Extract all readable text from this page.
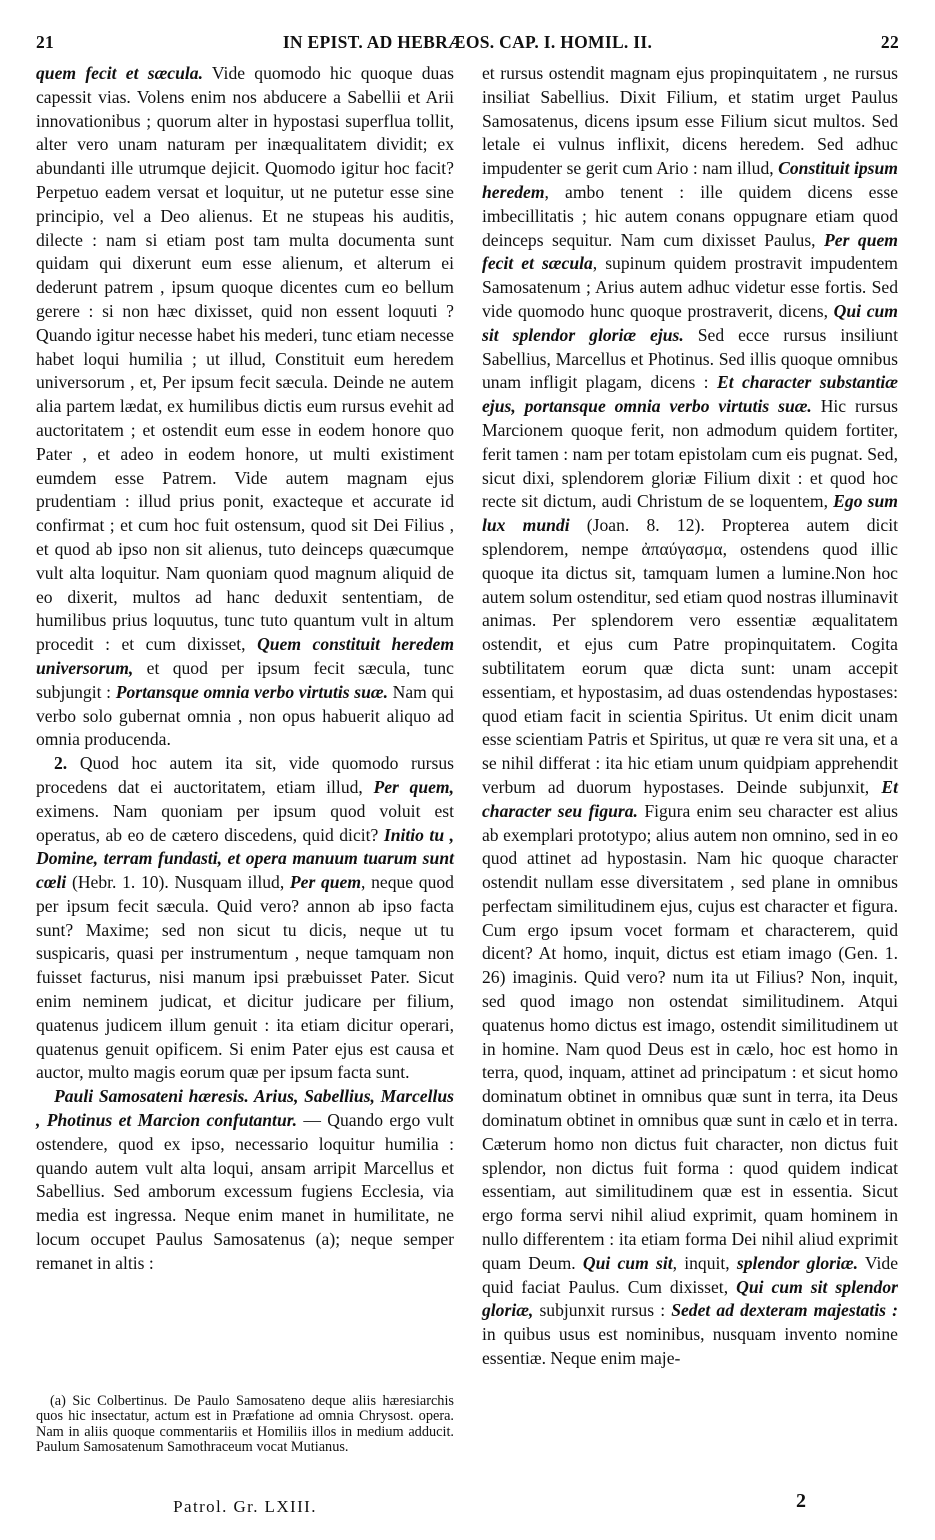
21	IN EPIST. AD HEBRÆOS. CAP. I. HOMIL. II.	22

quem fecit et sæcula. Vide quomodo hic quoque duas capessit vias. Volens enim nos abducere a Sabellii et Arii innovationibus ; quorum alter in hypostasi superflua tollit, alter vero unam naturam per inæqualitatem dividit; ex abundanti ille utrumque dejicit. Quomodo igitur hoc facit? Perpetuo eadem versat et loquitur, ut ne putetur esse sine principio, vel a Deo alienus. Et ne stupeas his auditis, dilecte : nam si etiam post tam multa documenta sunt quidam qui dixerunt eum esse alienum, et alterum ei dederunt patrem , ipsum quoque dicentes cum eo bellum gerere : si non hæc dixisset, quid non essent loquuti ? Quando igitur necesse habet his mederi, tunc etiam necesse habet loqui humilia ; ut illud, Constituit eum heredem universorum , et, Per ipsum fecit sæcula. Deinde ne autem alia partem lædat, ex humilibus dictis eum rursus evehit ad auctoritatem ; et ostendit eum esse in eodem honore quo Pater , et adeo in eodem honore, ut multi existiment eumdem esse Patrem. Vide autem magnam ejus prudentiam : illud prius ponit, exacteque et accurate id confirmat ; et cum hoc fuit ostensum, quod sit Dei Filius , et quod ab ipso non sit alienus, tuto deinceps quæcumque vult alta loquitur. Nam quoniam quod magnum aliquid de eo dixerit, multos ad hanc deduxit sententiam, de humilibus prius loquutus, tunc tuto quantum vult in altum procedit : et cum dixisset, Quem constituit heredem universorum, et quod per ipsum fecit sæcula, tunc subjungit : Portansque omnia verbo virtutis suæ. Nam qui verbo solo gubernat omnia , non opus habuerit aliquo ad omnia producenda.

2. Quod hoc autem ita sit, vide quomodo rursus procedens dat ei auctoritatem, etiam illud, Per quem, eximens. Nam quoniam per ipsum quod voluit est operatus, ab eo de cætero discedens, quid dicit? Initio tu , Domine, terram fundasti, et opera manuum tuarum sunt cœli (Hebr. 1. 10). Nusquam illud, Per quem, neque quod per ipsum fecit sæcula. Quid vero? annon ab ipso facta sunt? Maxime; sed non sicut tu dicis, neque ut tu suspicaris, quasi per instrumentum , neque tamquam non fuisset facturus, nisi manum ipsi præbuisset Pater. Sicut enim neminem judicat, et dicitur judicare per filium, quatenus judicem illum genuit : ita etiam dicitur operari, quatenus genuit opificem. Si enim Pater ejus est causa et auctor, multo magis eorum quæ per ipsum facta sunt.

Pauli Samosateni hæresis. Arius, Sabellius, Marcellus , Photinus et Marcion confutantur. — Quando ergo vult ostendere, quod ex ipso, necessario loquitur humilia : quando autem vult alta loqui, ansam arripit Marcellus et Sabellius. Sed amborum excessum fugiens Ecclesia, via media est ingressa. Neque enim manet in humilitate, ne locum occupet Paulus Samosatenus (a); neque semper remanet in altis :

(a) Sic Colbertinus. De Paulo Samosateno deque aliis hæresiarchis quos hic insectatur, actum est in Præfatione ad omnia Chrysost. opera. Nam in aliis quoque commentariis et Homiliis illos in medium adducit. Paulum Samosatenum Samothraceum vocat Mutianus.

Patrol. Gr. LXIII.

et rursus ostendit magnam ejus propinquitatem , ne rursus insiliat Sabellius. Dixit Filium, et statim urget Paulus Samosatenus, dicens ipsum esse Filium sicut multos. Sed letale ei vulnus inflixit, dicens heredem. Sed adhuc impudenter se gerit cum Ario : nam illud, Constituit ipsum heredem, ambo tenent : ille quidem dicens esse imbecillitatis ; hic autem conans oppugnare etiam quod deinceps sequitur. Nam cum dixisset Paulus, Per quem fecit et sæcula, supinum quidem prostravit impudentem Samosatenum ; Arius autem adhuc videtur esse fortis. Sed vide quomodo hunc quoque prostraverit, dicens, Qui cum sit splendor gloriæ ejus. Sed ecce rursus insiliunt Sabellius, Marcellus et Photinus. Sed illis quoque omnibus unam infligit plagam, dicens : Et character substantiæ ejus, portansque omnia verbo virtutis suæ. Hic rursus Marcionem quoque ferit, non admodum quidem fortiter, ferit tamen : nam per totam epistolam cum eis pugnat. Sed, sicut dixi, splendorem gloriæ Filium dixit : et quod hoc recte sit dictum, audi Christum de se loquentem, Ego sum lux mundi (Joan. 8. 12). Propterea autem dicit splendorem, nempe ἀπαύγασμα, ostendens quod illic quoque ita dictus sit, tamquam lumen a lumine.Non hoc autem solum ostenditur, sed etiam quod nostras illuminavit animas. Per splendorem vero essentiæ æqualitatem ostendit, et ejus cum Patre propinquitatem. Cogita subtilitatem eorum quæ dicta sunt: unam accepit essentiam, et hypostasim, ad duas ostendendas hypostases: quod etiam facit in scientia Spiritus. Ut enim dicit unam esse scientiam Patris et Spiritus, ut quæ re vera sit una, et a se nihil differat : ita hic etiam unum quidpiam apprehendit verbum ad duorum hypostases. Deinde subjunxit, Et character seu figura. Figura enim seu character est alius ab exemplari prototypo; alius autem non omnino, sed in eo quod attinet ad hypostasin. Nam hic quoque character ostendit nullam esse diversitatem , sed plane in omnibus perfectam similitudinem ejus, cujus est character et figura. Cum ergo ipsum vocet formam et characterem, quid dicent? At homo, inquit, dictus est etiam imago (Gen. 1. 26) imaginis. Quid vero? num ita ut Filius? Non, inquit, sed quod imago non ostendat similitudinem. Atqui quatenus homo dictus est imago, ostendit similitudinem ut in homine. Nam quod Deus est in cælo, hoc est homo in terra, quod, inquam, attinet ad principatum : et sicut homo dominatum obtinet in omnibus quæ sunt in terra, ita Deus dominatum obtinet in omnibus quæ sunt in cælo et in terra. Cæterum homo non dictus fuit character, non dictus fuit splendor, non dictus fuit forma : quod quidem indicat essentiam, aut similitudinem quæ est in essentia. Sicut ergo forma servi nihil aliud exprimit, quam hominem in nullo differentem : ita etiam forma Dei nihil aliud exprimit quam Deum. Qui cum sit, inquit, splendor gloriæ. Vide quid faciat Paulus. Cum dixisset, Qui cum sit splendor gloriæ, subjunxit rursus : Sedet ad dexteram majestatis : in quibus usus est nominibus, nusquam invento nomine essentiæ. Neque enim maje-

2
